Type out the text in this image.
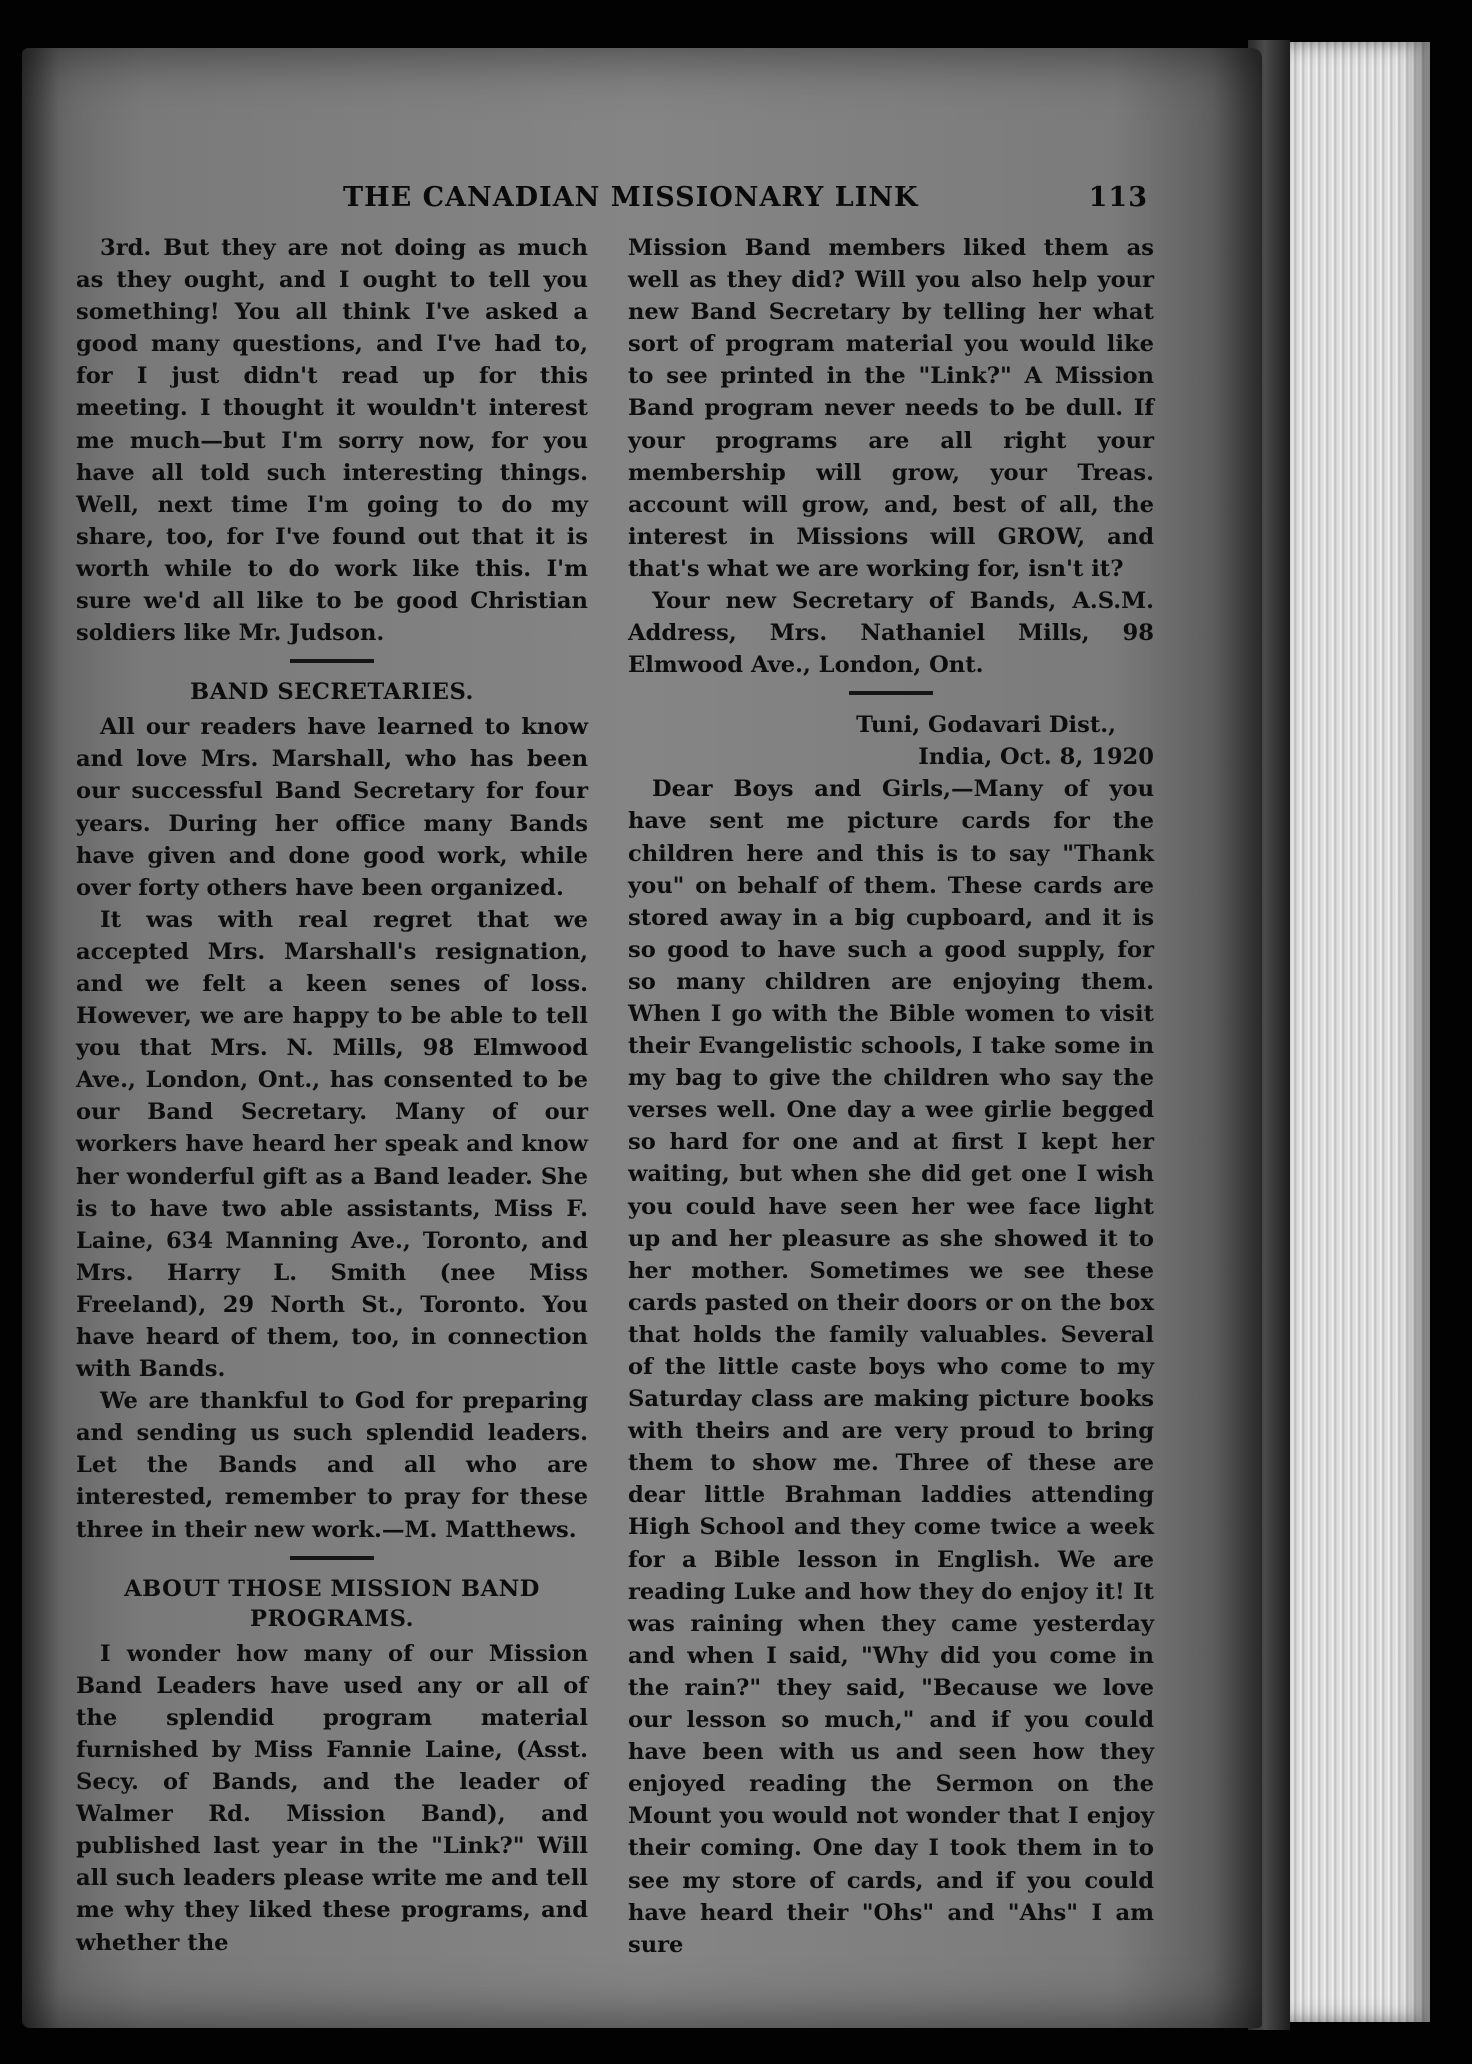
THE CANADIAN MISSIONARY LINK	113

3rd. But they are not doing as much as they ought, and I ought to tell you something! You all think I've asked a good many questions, and I've had to, for I just didn't read up for this meeting. I thought it wouldn't interest me much—but I'm sorry now, for you have all told such interesting things. Well, next time I'm going to do my share, too, for I've found out that it is worth while to do work like this. I'm sure we'd all like to be good Christian soldiers like Mr. Judson.

BAND SECRETARIES.

All our readers have learned to know and love Mrs. Marshall, who has been our successful Band Secretary for four years. During her office many Bands have given and done good work, while over forty others have been organized.

It was with real regret that we accepted Mrs. Marshall's resignation, and we felt a keen senes of loss. However, we are happy to be able to tell you that Mrs. N. Mills, 98 Elmwood Ave., London, Ont., has consented to be our Band Secretary. Many of our workers have heard her speak and know her wonderful gift as a Band leader. She is to have two able assistants, Miss F. Laine, 634 Manning Ave., Toronto, and Mrs. Harry L. Smith (nee Miss Freeland), 29 North St., Toronto. You have heard of them, too, in connection with Bands.

We are thankful to God for preparing and sending us such splendid leaders. Let the Bands and all who are interested, remember to pray for these three in their new work.—M. Matthews.

ABOUT THOSE MISSION BAND
PROGRAMS.

I wonder how many of our Mission Band Leaders have used any or all of the splendid program material furnished by Miss Fannie Laine, (Asst. Secy. of Bands, and the leader of Walmer Rd. Mission Band), and published last year in the "Link?" Will all such leaders please write me and tell me why they liked these programs, and whether the

Mission Band members liked them as well as they did? Will you also help your new Band Secretary by telling her what sort of program material you would like to see printed in the "Link?" A Mission Band program never needs to be dull. If your programs are all right your membership will grow, your Treas. account will grow, and, best of all, the interest in Missions will GROW, and that's what we are working for, isn't it?

Your new Secretary of Bands, A.S.M. Address, Mrs. Nathaniel Mills, 98 Elmwood Ave., London, Ont.

Tuni, Godavari Dist.,
India, Oct. 8, 1920

Dear Boys and Girls,—Many of you have sent me picture cards for the children here and this is to say "Thank you" on behalf of them. These cards are stored away in a big cupboard, and it is so good to have such a good supply, for so many children are enjoying them. When I go with the Bible women to visit their Evangelistic schools, I take some in my bag to give the children who say the verses well. One day a wee girlie begged so hard for one and at first I kept her waiting, but when she did get one I wish you could have seen her wee face light up and her pleasure as she showed it to her mother. Sometimes we see these cards pasted on their doors or on the box that holds the family valuables. Several of the little caste boys who come to my Saturday class are making picture books with theirs and are very proud to bring them to show me. Three of these are dear little Brahman laddies attending High School and they come twice a week for a Bible lesson in English. We are reading Luke and how they do enjoy it! It was raining when they came yesterday and when I said, "Why did you come in the rain?" they said, "Because we love our lesson so much," and if you could have been with us and seen how they enjoyed reading the Sermon on the Mount you would not wonder that I enjoy their coming. One day I took them in to see my store of cards, and if you could have heard their "Ohs" and "Ahs" I am sure
